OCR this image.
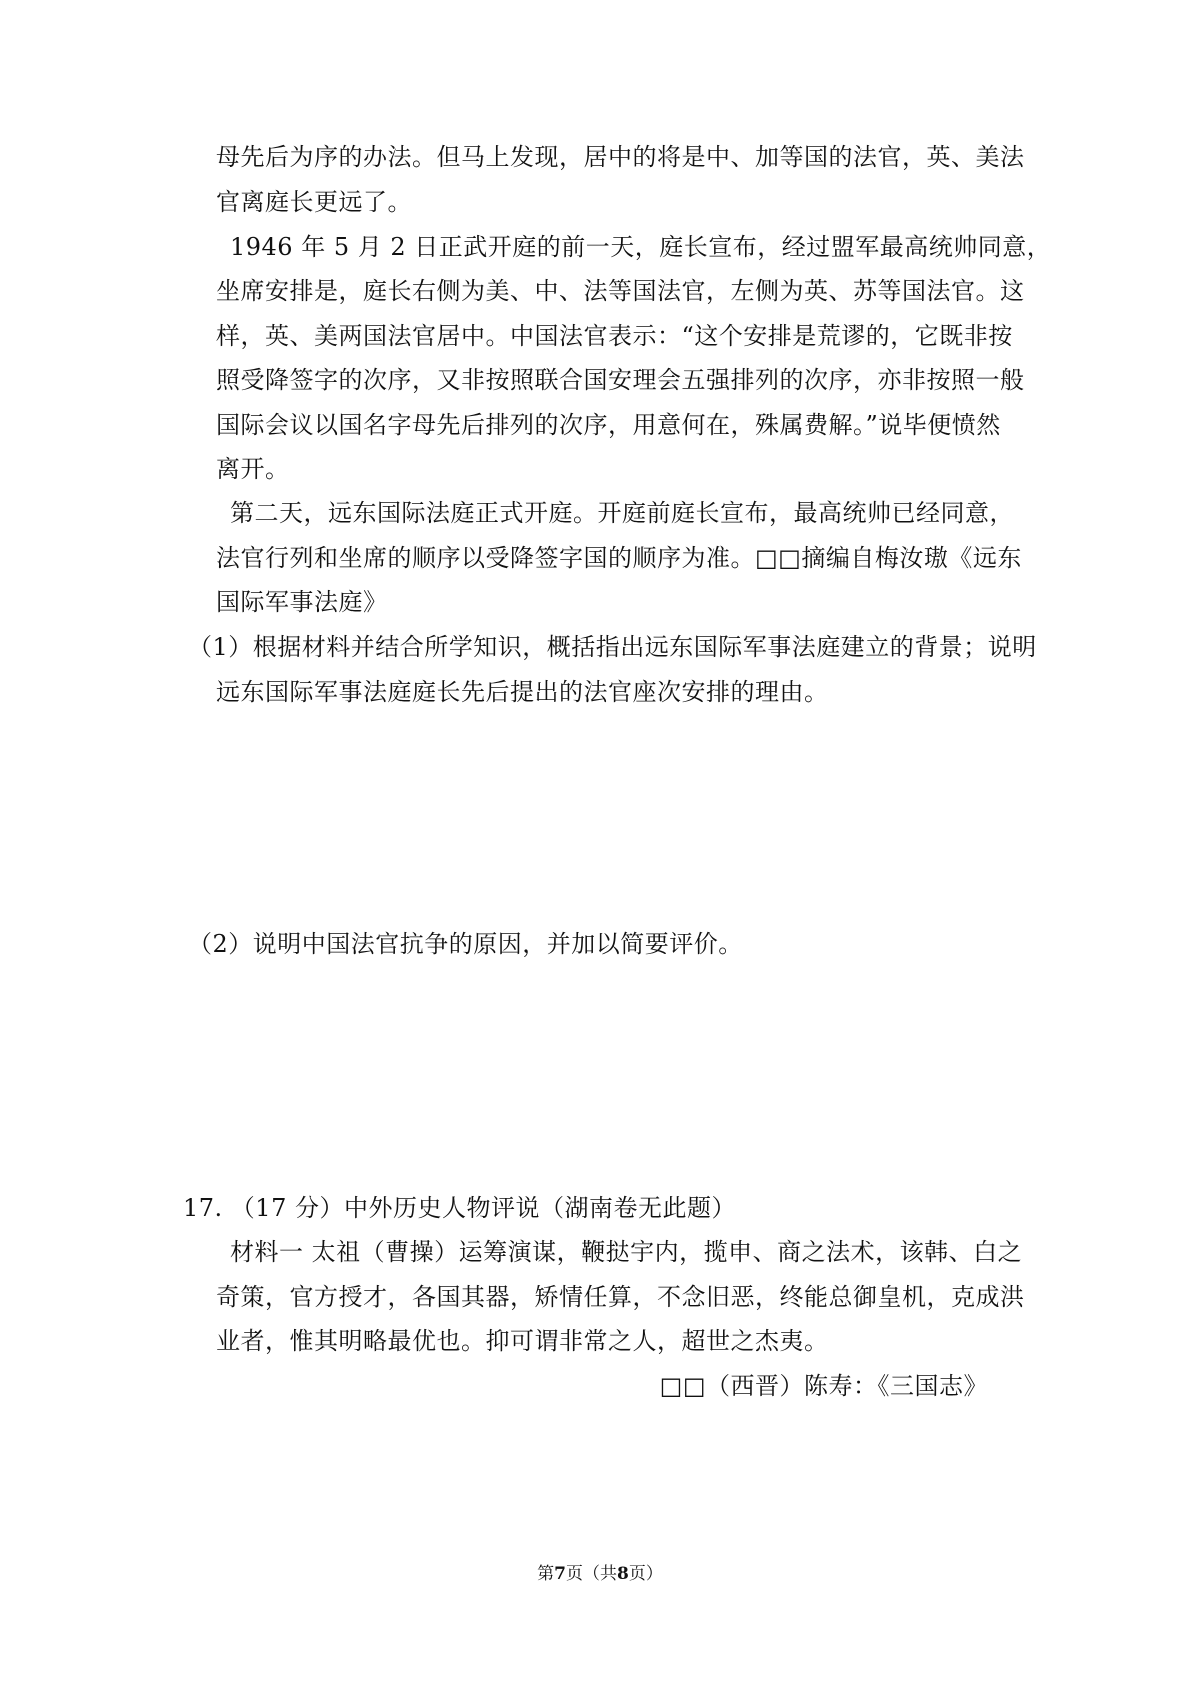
母先后为序的办法。但马上发现，居中的将是中、加等国的法官，英、美法
官离庭长更远了。
1946 年 5 月 2 日正武开庭的前一天，庭长宣布，经过盟军最高统帅同意，
坐席安排是，庭长右侧为美、中、法等国法官，左侧为英、苏等国法官。这
样，英、美两国法官居中。中国法官表示：“这个安排是荒谬的，它既非按
照受降签字的次序，又非按照联合国安理会五强排列的次序，亦非按照一般
国际会议以国名字母先后排列的次序，用意何在，殊属费解。”说毕便愤然
离开。
第二天，远东国际法庭正式开庭。开庭前庭长宣布，最高统帅已经同意，
法官行列和坐席的顺序以受降签字国的顺序为准。□□摘编自梅汝璈《远东
国际军事法庭》
（1）根据材料并结合所学知识，概括指出远东国际军事法庭建立的背景；说明
远东国际军事法庭庭长先后提出的法官座次安排的理由。
（2）说明中国法官抗争的原因，并加以简要评价。
17. （17 分）中外历史人物评说（湖南卷无此题）
材料一 太祖（曹操）运筹演谋，鞭挞宇内，揽申、商之法术，该韩、白之
奇策，官方授才，各国其器，矫情任算，不念旧恶，终能总御皇机，克成洪
业者，惟其明略最优也。抑可谓非常之人，超世之杰夷。
□□（西晋）陈寿：《三国志》
第7页（共8页）
